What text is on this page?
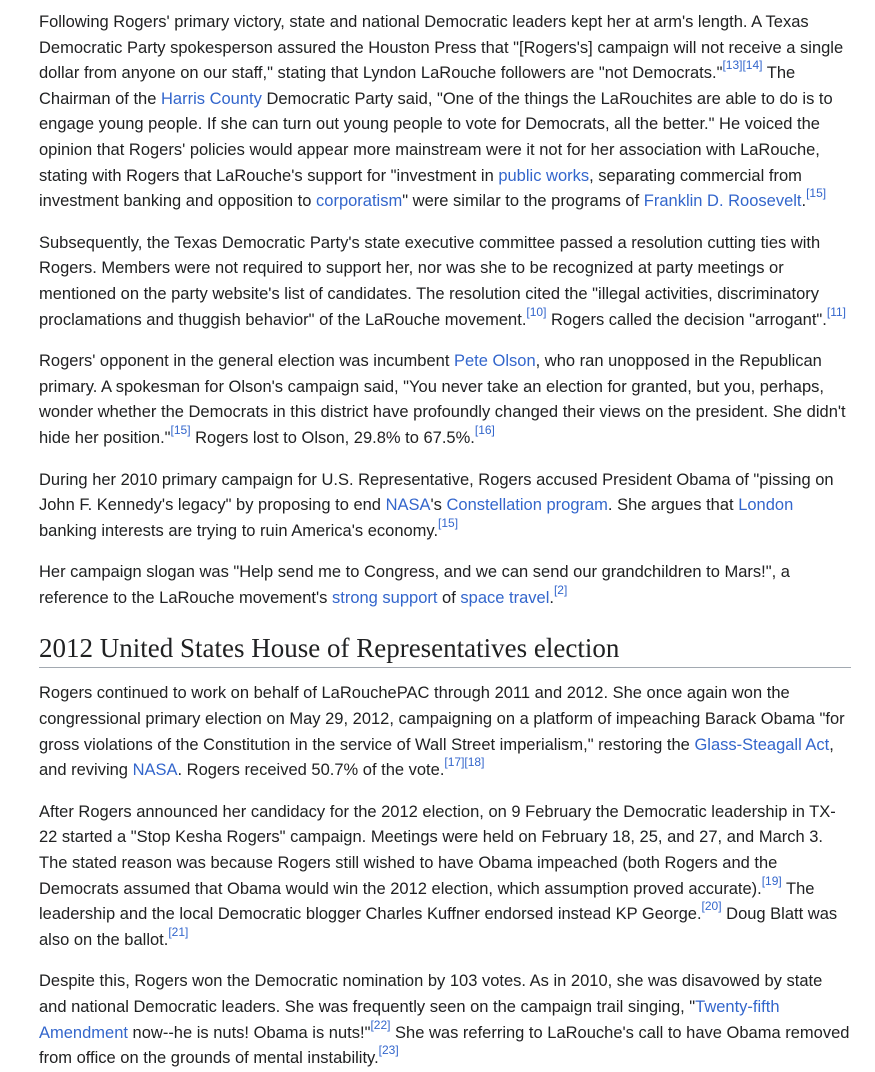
Following Rogers' primary victory, state and national Democratic leaders kept her at arm's length. A Texas Democratic Party spokesperson assured the Houston Press that "[Rogers's] campaign will not receive a single dollar from anyone on our staff," stating that Lyndon LaRouche followers are "not Democrats."[13][14] The Chairman of the Harris County Democratic Party said, "One of the things the LaRouchites are able to do is to engage young people. If she can turn out young people to vote for Democrats, all the better." He voiced the opinion that Rogers' policies would appear more mainstream were it not for her association with LaRouche, stating with Rogers that LaRouche's support for "investment in public works, separating commercial from investment banking and opposition to corporatism" were similar to the programs of Franklin D. Roosevelt.[15]

Subsequently, the Texas Democratic Party's state executive committee passed a resolution cutting ties with Rogers. Members were not required to support her, nor was she to be recognized at party meetings or mentioned on the party website's list of candidates. The resolution cited the "illegal activities, discriminatory proclamations and thuggish behavior" of the LaRouche movement.[10] Rogers called the decision "arrogant".[11]

Rogers' opponent in the general election was incumbent Pete Olson, who ran unopposed in the Republican primary. A spokesman for Olson's campaign said, "You never take an election for granted, but you, perhaps, wonder whether the Democrats in this district have profoundly changed their views on the president. She didn't hide her position."[15] Rogers lost to Olson, 29.8% to 67.5%.[16]

During her 2010 primary campaign for U.S. Representative, Rogers accused President Obama of "pissing on John F. Kennedy's legacy" by proposing to end NASA's Constellation program. She argues that London banking interests are trying to ruin America's economy.[15]

Her campaign slogan was "Help send me to Congress, and we can send our grandchildren to Mars!", a reference to the LaRouche movement's strong support of space travel.[2]

2012 United States House of Representatives election

Rogers continued to work on behalf of LaRouchePAC through 2011 and 2012. She once again won the congressional primary election on May 29, 2012, campaigning on a platform of impeaching Barack Obama "for gross violations of the Constitution in the service of Wall Street imperialism," restoring the Glass-Steagall Act, and reviving NASA. Rogers received 50.7% of the vote.[17][18]

After Rogers announced her candidacy for the 2012 election, on 9 February the Democratic leadership in TX-22 started a "Stop Kesha Rogers" campaign. Meetings were held on February 18, 25, and 27, and March 3. The stated reason was because Rogers still wished to have Obama impeached (both Rogers and the Democrats assumed that Obama would win the 2012 election, which assumption proved accurate).[19] The leadership and the local Democratic blogger Charles Kuffner endorsed instead KP George.[20] Doug Blatt was also on the ballot.[21]

Despite this, Rogers won the Democratic nomination by 103 votes. As in 2010, she was disavowed by state and national Democratic leaders. She was frequently seen on the campaign trail singing, "Twenty-fifth Amendment now--he is nuts! Obama is nuts!"[22] She was referring to LaRouche's call to have Obama removed from office on the grounds of mental instability.[23]
